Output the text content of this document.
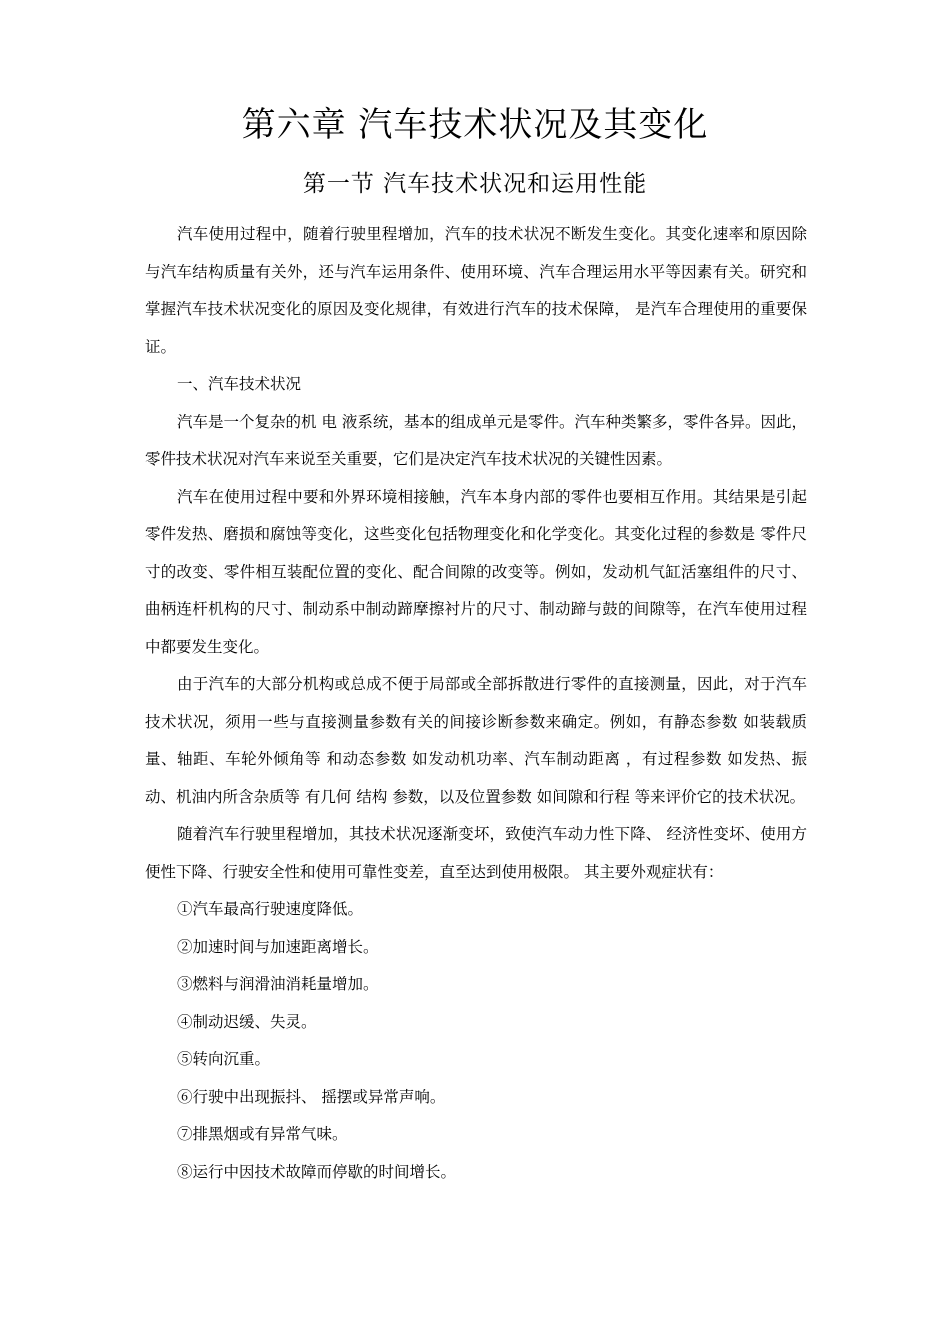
第六章 汽车技术状况及其变化
第一节 汽车技术状况和运用性能

汽车使用过程中，随着行驶里程增加，汽车的技术状况不断发生变化。其变化速率和原因除与汽车结构质量有关外，还与汽车运用条件、使用环境、汽车合理运用水平等因素有关。研究和掌握汽车技术状况变化的原因及变化规律，有效进行汽车的技术保障， 是汽车合理使用的重要保证。

一、汽车技术状况

汽车是一个复杂的机 电 液系统，基本的组成单元是零件。汽车种类繁多，零件各异。因此，零件技术状况对汽车来说至关重要，它们是决定汽车技术状况的关键性因素。

汽车在使用过程中要和外界环境相接触，汽车本身内部的零件也要相互作用。其结果是引起零件发热、磨损和腐蚀等变化，这些变化包括物理变化和化学变化。其变化过程的参数是 零件尺寸的改变、零件相互装配位置的变化、配合间隙的改变等。例如，发动机气缸活塞组件的尺寸、曲柄连杆机构的尺寸、制动系中制动蹄摩擦衬片的尺寸、制动蹄与鼓的间隙等，在汽车使用过程中都要发生变化。

由于汽车的大部分机构或总成不便于局部或全部拆散进行零件的直接测量，因此，对于汽车技术状况，须用一些与直接测量参数有关的间接诊断参数来确定。例如，有静态参数 如装载质量、轴距、车轮外倾角等 和动态参数 如发动机功率、汽车制动距离 ，有过程参数 如发热、振动、机油内所含杂质等 有几何 结构 参数，以及位置参数 如间隙和行程 等来评价它的技术状况。

随着汽车行驶里程增加，其技术状况逐渐变坏，致使汽车动力性下降、 经济性变坏、使用方便性下降、行驶安全性和使用可靠性变差，直至达到使用极限。 其主要外观症状有：

①汽车最高行驶速度降低。

②加速时间与加速距离增长。

③燃料与润滑油消耗量增加。

④制动迟缓、失灵。

⑤转向沉重。

⑥行驶中出现振抖、 摇摆或异常声响。

⑦排黑烟或有异常气味。

⑧运行中因技术故障而停歇的时间增长。
